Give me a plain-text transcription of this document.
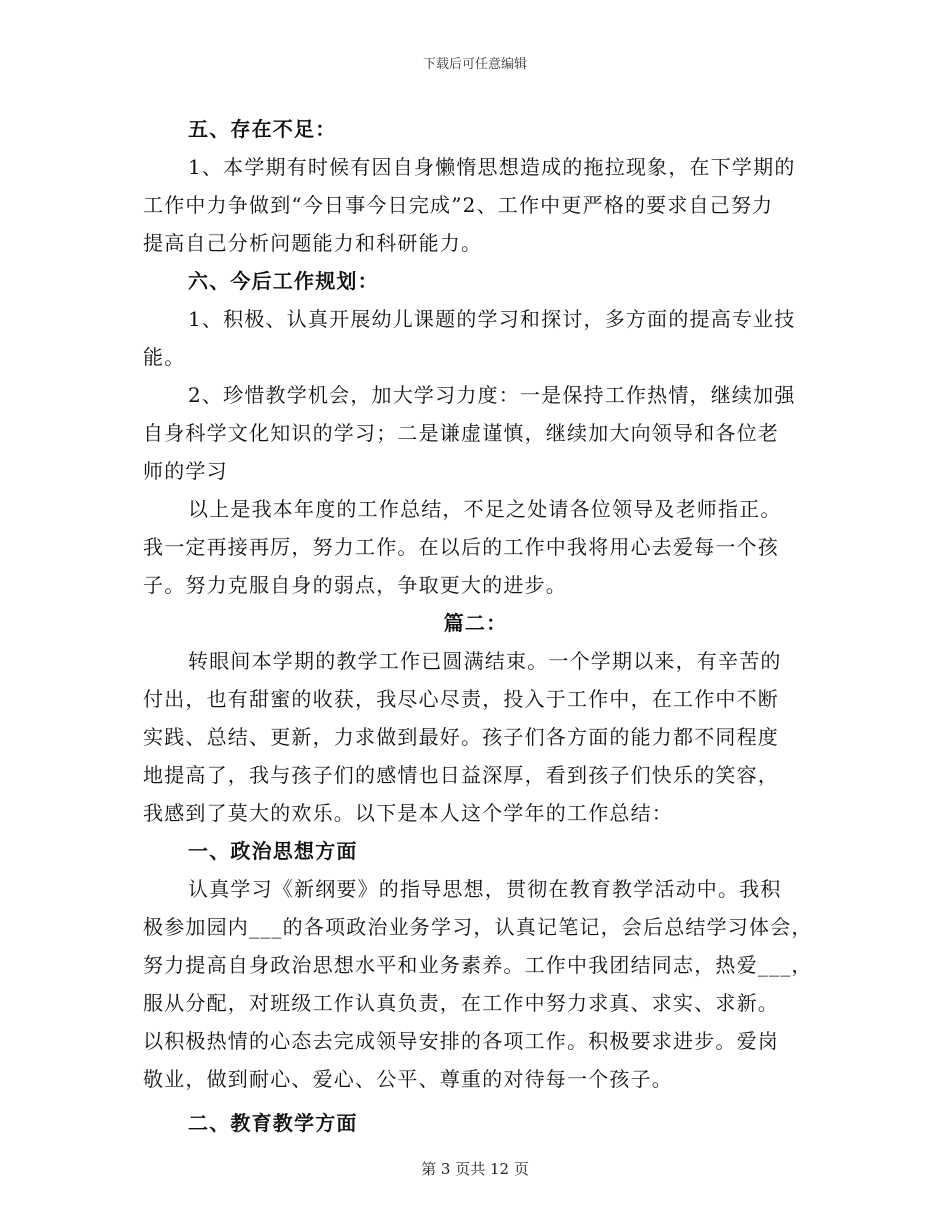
下载后可任意编辑
五、存在不足：
1、本学期有时候有因自身懒惰思想造成的拖拉现象，在下学期的
工作中力争做到“今日事今日完成”2、工作中更严格的要求自己努力
提高自己分析问题能力和科研能力。
六、今后工作规划：
1、积极、认真开展幼儿课题的学习和探讨，多方面的提高专业技
能。
2、珍惜教学机会，加大学习力度：一是保持工作热情，继续加强
自身科学文化知识的学习；二是谦虚谨慎，继续加大向领导和各位老
师的学习
以上是我本年度的工作总结，不足之处请各位领导及老师指正。
我一定再接再厉，努力工作。在以后的工作中我将用心去爱每一个孩
子。努力克服自身的弱点，争取更大的进步。
篇二：
转眼间本学期的教学工作已圆满结束。一个学期以来，有辛苦的
付出，也有甜蜜的收获，我尽心尽责，投入于工作中，在工作中不断
实践、总结、更新，力求做到最好。孩子们各方面的能力都不同程度
地提高了，我与孩子们的感情也日益深厚，看到孩子们快乐的笑容，
我感到了莫大的欢乐。以下是本人这个学年的工作总结：
一、政治思想方面
认真学习《新纲要》的指导思想，贯彻在教育教学活动中。我积
极参加园内___的各项政治业务学习，认真记笔记，会后总结学习体会，
努力提高自身政治思想水平和业务素养。工作中我团结同志，热爱___，
服从分配，对班级工作认真负责，在工作中努力求真、求实、求新。
以积极热情的心态去完成领导安排的各项工作。积极要求进步。爱岗
敬业，做到耐心、爱心、公平、尊重的对待每一个孩子。
二、教育教学方面
第 3 页共 12 页
